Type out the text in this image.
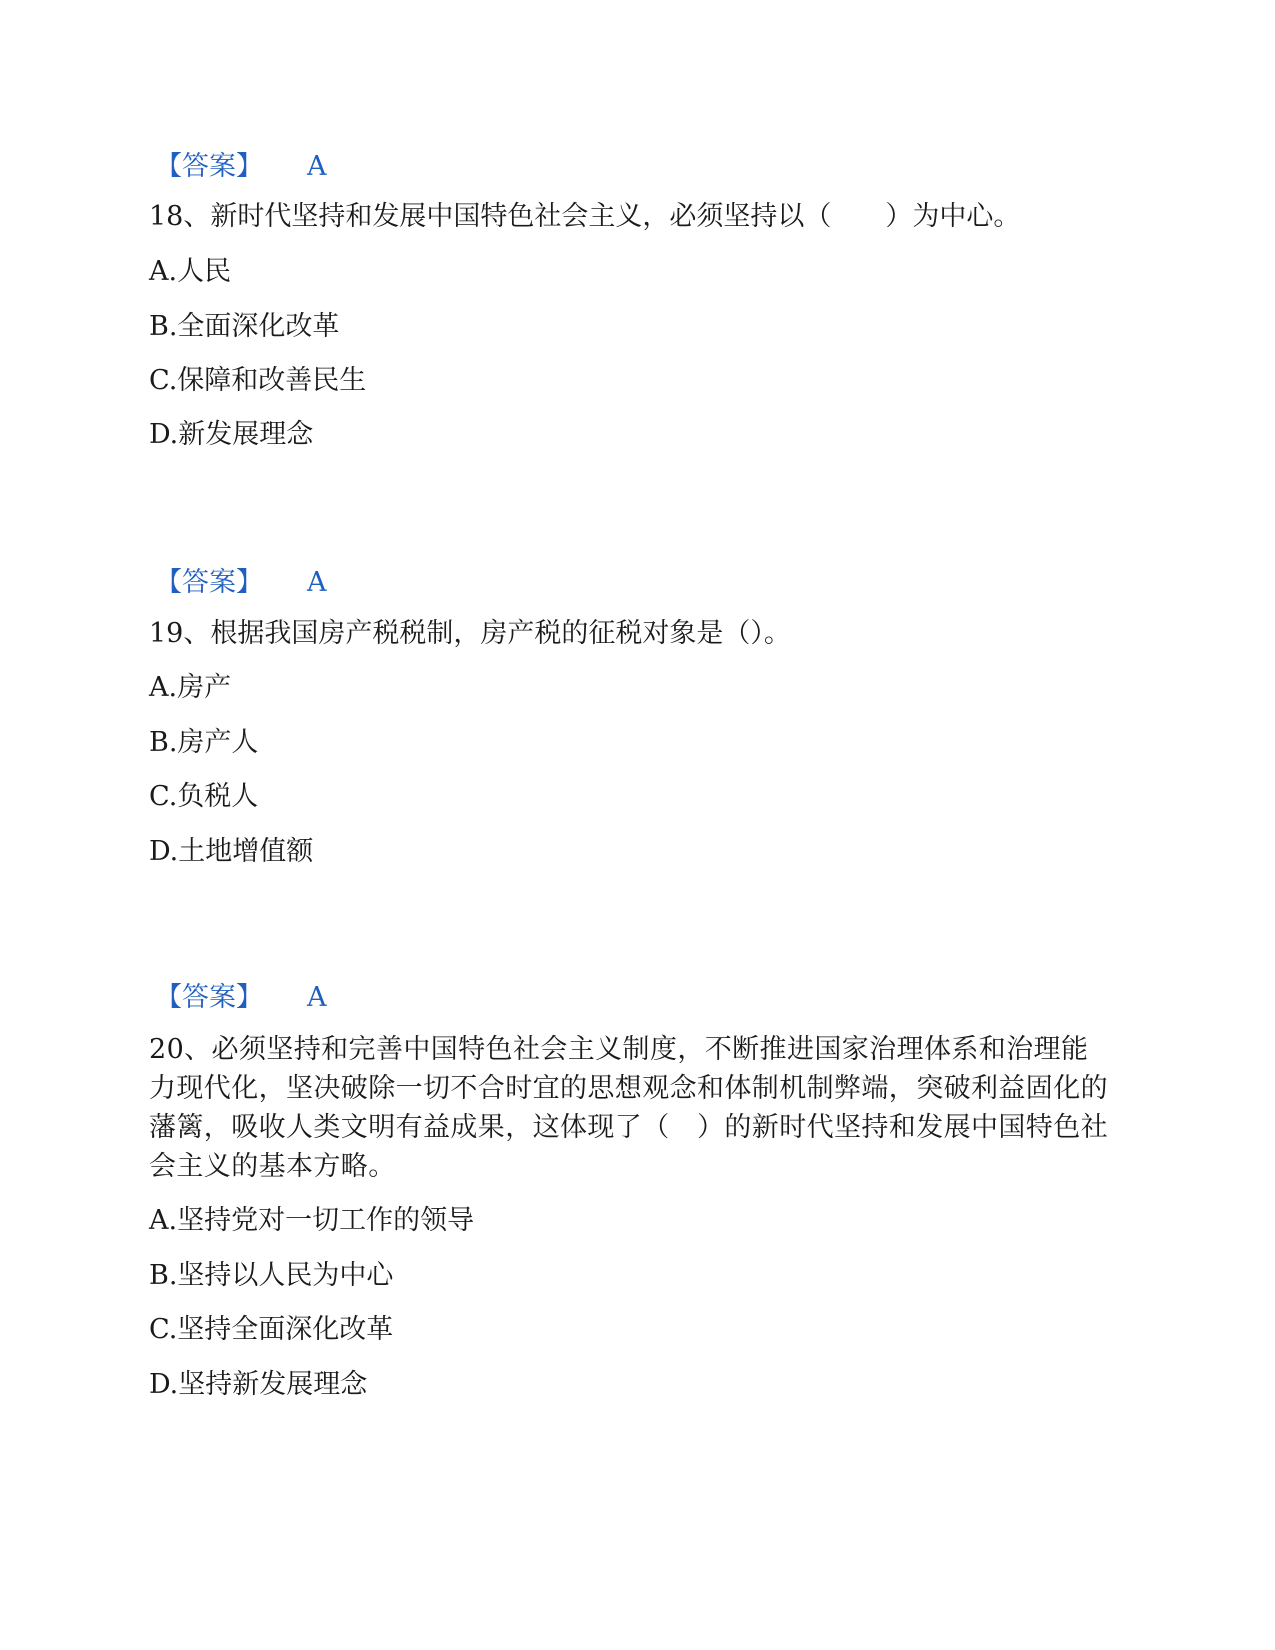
【答案】 A
18、新时代坚持和发展中国特色社会主义，必须坚持以（　　）为中心。
A.人民
B.全面深化改革
C.保障和改善民生
D.新发展理念
【答案】 A
19、根据我国房产税税制，房产税的征税对象是（）。
A.房产
B.房产人
C.负税人
D.土地增值额
【答案】 A
20、必须坚持和完善中国特色社会主义制度，不断推进国家治理体系和治理能力现代化，坚决破除一切不合时宜的思想观念和体制机制弊端，突破利益固化的藩篱，吸收人类文明有益成果，这体现了（　）的新时代坚持和发展中国特色社会主义的基本方略。
A.坚持党对一切工作的领导
B.坚持以人民为中心
C.坚持全面深化改革
D.坚持新发展理念
